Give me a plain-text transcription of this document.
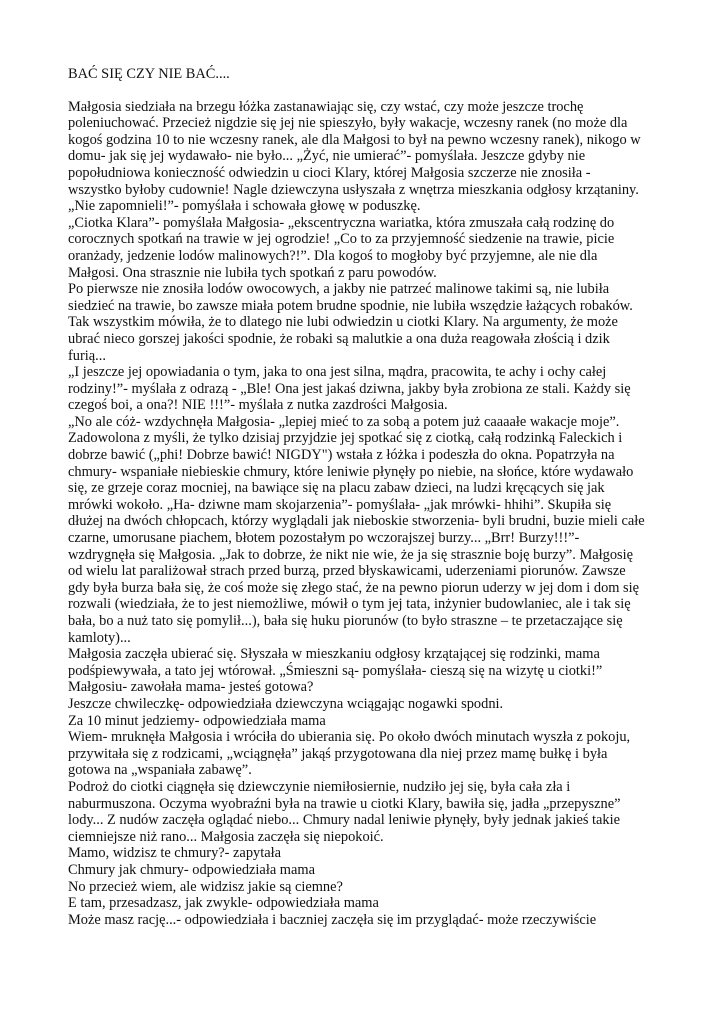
BAĆ SIĘ CZY NIE BAĆ....
Małgosia siedziała na brzegu łóżka zastanawiając się, czy wstać, czy może jeszcze trochę
poleniuchować. Przecież nigdzie się jej nie spieszyło, były wakacje, wczesny ranek (no może dla
kogoś godzina 10 to nie wczesny ranek, ale dla Małgosi to był na pewno wczesny ranek), nikogo w
domu- jak się jej wydawało- nie było... „Żyć, nie umierać”- pomyślała. Jeszcze gdyby nie
popołudniowa konieczność odwiedzin u cioci Klary, której Małgosia szczerze nie znosiła -
wszystko byłoby cudownie! Nagle dziewczyna usłyszała z wnętrza mieszkania odgłosy krzątaniny.
„Nie zapomnieli!”- pomyślała i schowała głowę w poduszkę.
„Ciotka Klara”- pomyślała Małgosia- „ekscentryczna wariatka, która zmuszała całą rodzinę do
corocznych spotkań na trawie w jej ogrodzie! „Co to za przyjemność siedzenie na trawie, picie
oranżady, jedzenie lodów malinowych?!”. Dla kogoś to mogłoby być przyjemne, ale nie dla
Małgosi. Ona strasznie nie lubiła tych spotkań z paru powodów.
Po pierwsze nie znosiła lodów owocowych, a jakby nie patrzeć malinowe takimi są, nie lubiła
siedzieć na trawie, bo zawsze miała potem brudne spodnie, nie lubiła wszędzie łażących robaków.
Tak wszystkim mówiła, że to dlatego nie lubi odwiedzin u ciotki Klary. Na argumenty, że może
ubrać nieco gorszej jakości spodnie, że robaki są malutkie a ona duża reagowała złością i dzik
furią...
„I jeszcze jej opowiadania o tym, jaka to ona jest silna, mądra, pracowita, te achy i ochy całej
rodziny!”- myślała z odrazą - „Ble! Ona jest jakaś dziwna, jakby była zrobiona ze stali. Każdy się
czegoś boi, a ona?! NIE !!!”- myślała z nutka zazdrości Małgosia.
„No ale cóż- wzdychnęła Małgosia- „lepiej mieć to za sobą a potem już caaaałe wakacje moje”.
Zadowolona z myśli, że tylko dzisiaj przyjdzie jej spotkać się z ciotką, całą rodzinką Faleckich i
dobrze bawić („phi! Dobrze bawić! NIGDY") wstała z łóżka i podeszła do okna. Popatrzyła na
chmury- wspaniałe niebieskie chmury, które leniwie płynęły po niebie, na słońce, które wydawało
się, ze grzeje coraz mocniej, na bawiące się na placu zabaw dzieci, na ludzi kręcących się jak
mrówki wokoło. „Ha- dziwne mam skojarzenia”- pomyślała- „jak mrówki- hhihi”. Skupiła się
dłużej na dwóch chłopcach, którzy wyglądali jak nieboskie stworzenia- byli brudni, buzie mieli całe
czarne, umorusane piachem, błotem pozostałym po wczorajszej burzy... „Brr! Burzy!!!”-
wzdrygnęła się Małgosia. „Jak to dobrze, że nikt nie wie, że ja się strasznie boję burzy”. Małgosię
od wielu lat paraliżował strach przed burzą, przed błyskawicami, uderzeniami piorunów. Zawsze
gdy była burza bała się, że coś może się złego stać, że na pewno piorun uderzy w jej dom i dom się
rozwali (wiedziała, że to jest niemożliwe, mówił o tym jej tata, inżynier budowlaniec, ale i tak się
bała, bo a nuż tato się pomylił...), bała się huku piorunów (to było straszne – te przetaczające się
kamloty)...
Małgosia zaczęła ubierać się. Słyszała w mieszkaniu odgłosy krzątającej się rodzinki, mama
podśpiewywała, a tato jej wtórował. „Śmieszni są- pomyślała- cieszą się na wizytę u ciotki!”
Małgosiu- zawołała mama- jesteś gotowa?
Jeszcze chwileczkę- odpowiedziała dziewczyna wciągając nogawki spodni.
Za 10 minut jedziemy- odpowiedziała mama
Wiem- mruknęła Małgosia i wróciła do ubierania się. Po około dwóch minutach wyszła z pokoju,
przywitała się z rodzicami, „wciągnęła” jakąś przygotowana dla niej przez mamę bułkę i była
gotowa na „wspaniała zabawę”.
Podroż do ciotki ciągnęła się dziewczynie niemiłosiernie, nudziło jej się, była cała zła i
naburmuszona. Oczyma wyobraźni była na trawie u ciotki Klary, bawiła się, jadła „przepyszne”
lody... Z nudów zaczęła oglądać niebo... Chmury nadal leniwie płynęły, były jednak jakieś takie
ciemniejsze niż rano... Małgosia zaczęła się niepokoić.
Mamo, widzisz te chmury?- zapytała
Chmury jak chmury- odpowiedziała mama
No przecież wiem, ale widzisz jakie są ciemne?
E tam, przesadzasz, jak zwykle- odpowiedziała mama
Może masz rację...- odpowiedziała i baczniej zaczęła się im przyglądać- może rzeczywiście
